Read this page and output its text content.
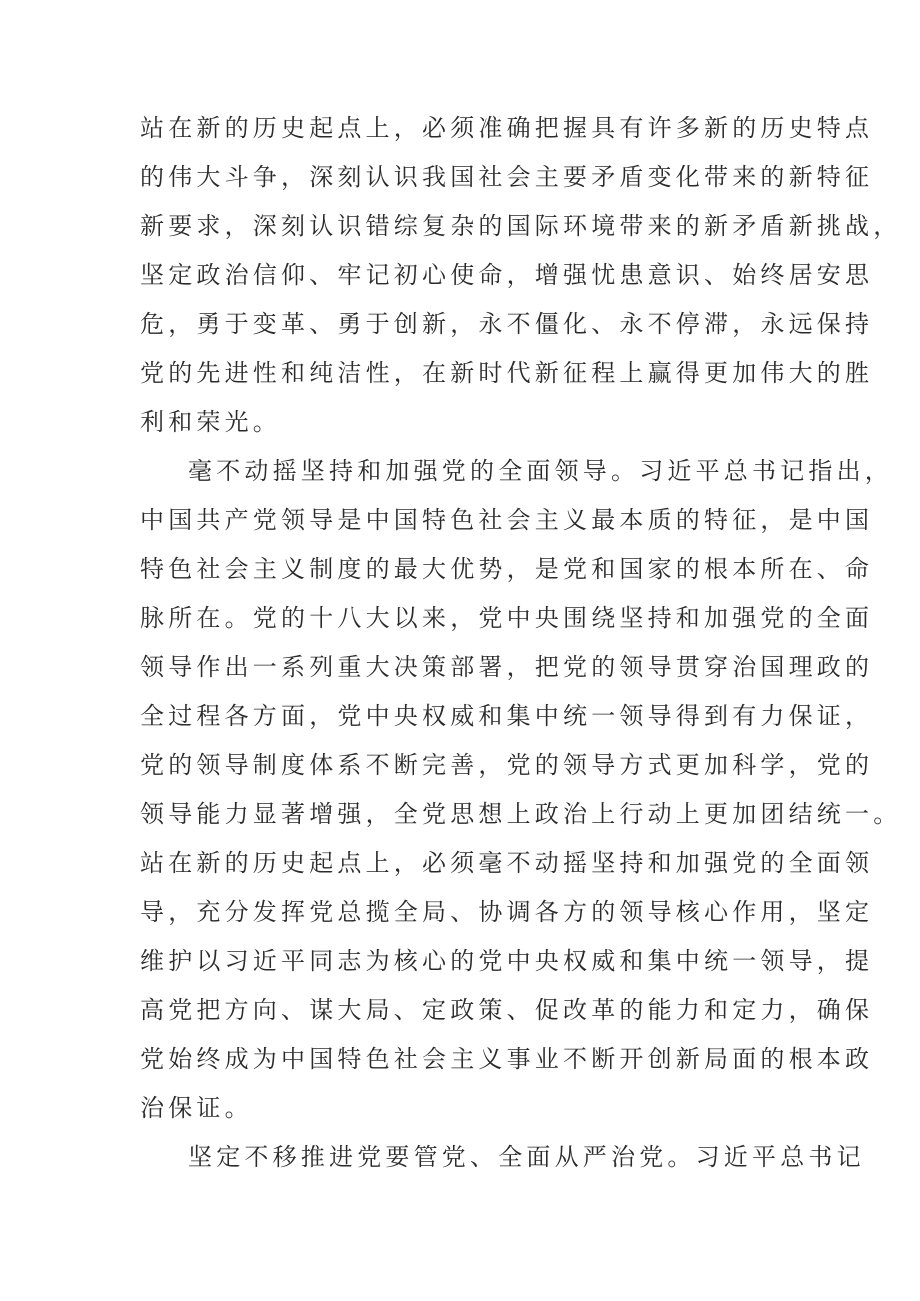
站在新的历史起点上，必须准确把握具有许多新的历史特点
的伟大斗争，深刻认识我国社会主要矛盾变化带来的新特征
新要求，深刻认识错综复杂的国际环境带来的新矛盾新挑战，
坚定政治信仰、牢记初心使命，增强忧患意识、始终居安思
危，勇于变革、勇于创新，永不僵化、永不停滞，永远保持
党的先进性和纯洁性，在新时代新征程上赢得更加伟大的胜
利和荣光。
毫不动摇坚持和加强党的全面领导。习近平总书记指出，
中国共产党领导是中国特色社会主义最本质的特征，是中国
特色社会主义制度的最大优势，是党和国家的根本所在、命
脉所在。党的十八大以来，党中央围绕坚持和加强党的全面
领导作出一系列重大决策部署，把党的领导贯穿治国理政的
全过程各方面，党中央权威和集中统一领导得到有力保证，
党的领导制度体系不断完善，党的领导方式更加科学，党的
领导能力显著增强，全党思想上政治上行动上更加团结统一。
站在新的历史起点上，必须毫不动摇坚持和加强党的全面领
导，充分发挥党总揽全局、协调各方的领导核心作用，坚定
维护以习近平同志为核心的党中央权威和集中统一领导，提
高党把方向、谋大局、定政策、促改革的能力和定力，确保
党始终成为中国特色社会主义事业不断开创新局面的根本政
治保证。
坚定不移推进党要管党、全面从严治党。习近平总书记
